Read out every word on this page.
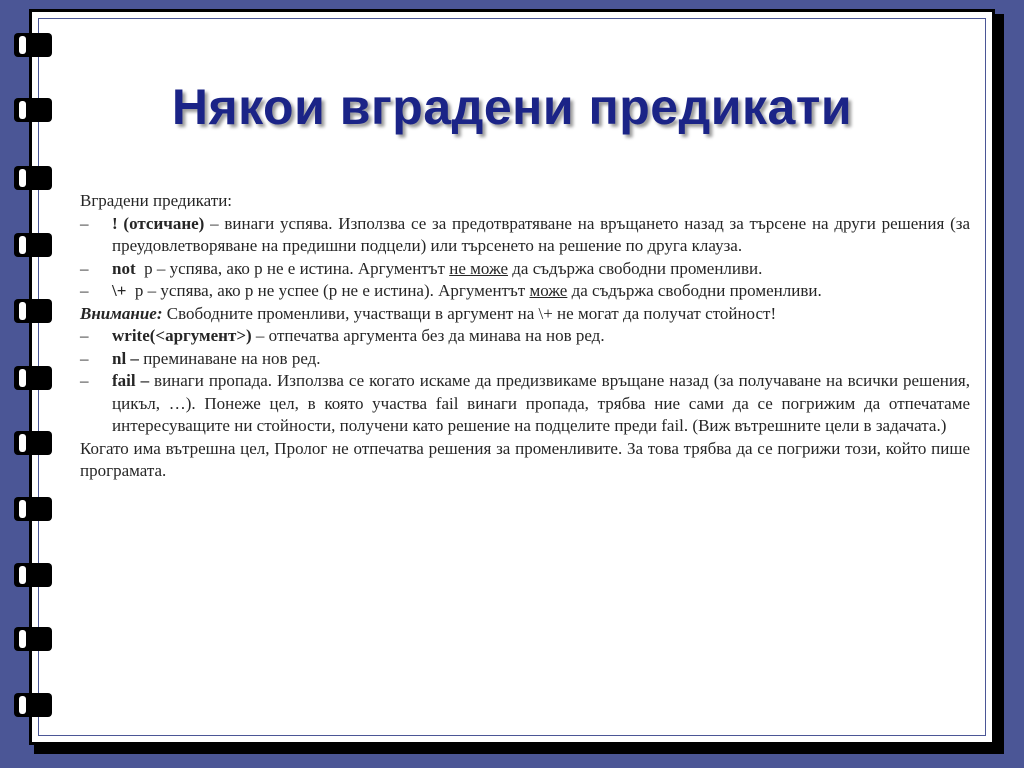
Някои вградени предикати

Вградени предикати:

–	! (отсичане) – винаги успява. Използва се за предотвратяване на връщането назад за търсене на други решения (за преудовлетворяване на предишни подцели) или търсенето на решение по друга клауза.
–	not  p – успява, ако p не е истина. Аргументът не може да съдържа свободни променливи.
–	\+  p – успява, ако p не успее (p не е истина). Аргументът може да съдържа свободни променливи.

Внимание: Свободните променливи, участващи в аргумент на \+ не могат да получат стойност!

–	write(<аргумент>) – отпечатва аргумента без да минава на нов ред.
–	nl – преминаване на нов ред.
–	fail – винаги пропада. Използва се когато искаме да предизвикаме връщане назад (за получаване на всички решения, цикъл, …). Понеже цел, в която участва fail винаги пропада, трябва ние сами да се погрижим да отпечатаме интересуващите ни стойности, получени като решение на подцелите преди fail. (Виж вътрешните цели в задачата.)

Когато има вътрешна цел, Пролог не отпечатва решения за променливите. За това трябва да се погрижи този, който пише програмата.
